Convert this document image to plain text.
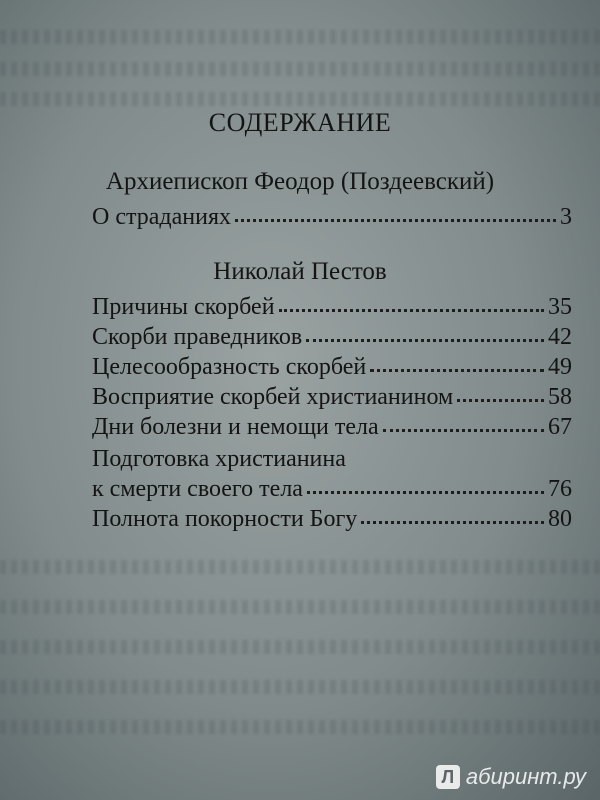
СОДЕРЖАНИЕ
Архиепископ Феодор (Поздеевский)
О страданиях	3
Николай Пестов
Причины скорбей	35
Скорби праведников	42
Целесообразность скорбей	49
Восприятие скорбей христианином	58
Дни болезни и немощи тела	67
Подготовка христианина
к смерти своего тела	76
Полнота покорности Богу	80
Л абиринт.ру
